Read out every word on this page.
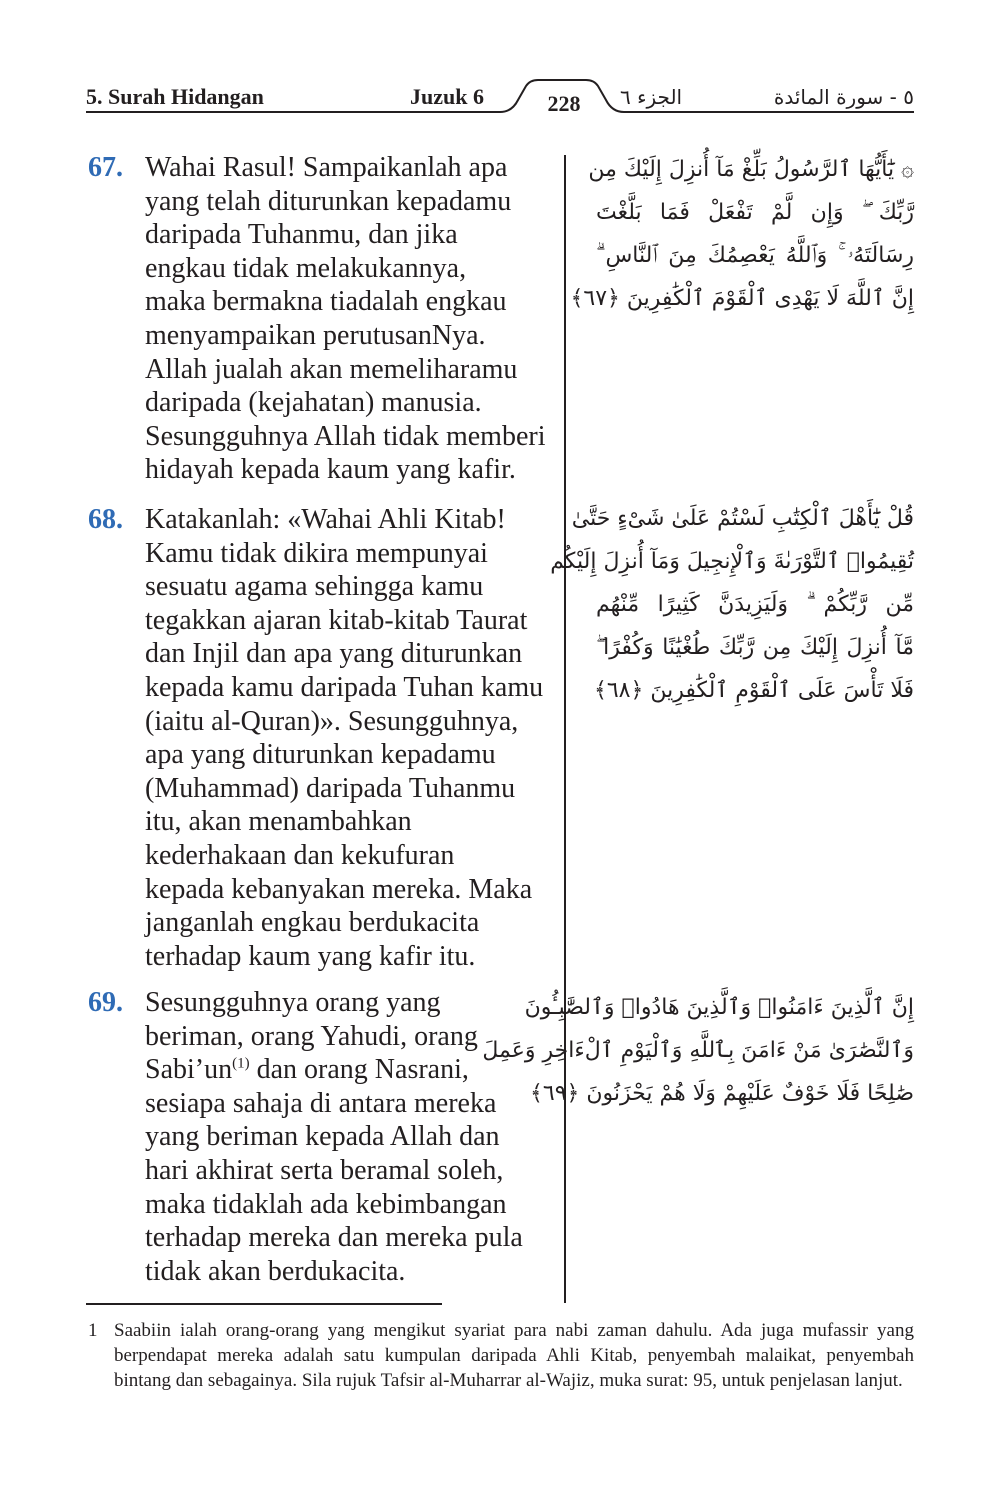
5. Surah Hidangan	Juzuk 6	228	الجزء ٦	٥ - سورة المائدة
67. Wahai Rasul! Sampaikanlah apa
yang telah diturunkan kepadamu
daripada Tuhanmu, dan jika
engkau tidak melakukannya,
maka bermakna tiadalah engkau
menyampaikan perutusanNya.
Allah jualah akan memeliharamu
daripada (kejahatan) manusia.
Sesungguhnya Allah tidak memberi
hidayah kepada kaum yang kafir.
۞ يَٰٓأَيُّهَا ٱلرَّسُولُ بَلِّغْ مَآ أُنزِلَ إِلَيْكَ مِن
رَّبِّكَ ۖ وَإِن لَّمْ تَفْعَلْ فَمَا بَلَّغْتَ
رِسَالَتَهُۥ ۚ وَٱللَّهُ يَعْصِمُكَ مِنَ ٱلنَّاسِ ۗ
إِنَّ ٱللَّهَ لَا يَهْدِى ٱلْقَوْمَ ٱلْكَٰفِرِينَ ﴿٦٧﴾
68. Katakanlah: «Wahai Ahli Kitab!
Kamu tidak dikira mempunyai
sesuatu agama sehingga kamu
tegakkan ajaran kitab-kitab Taurat
dan Injil dan apa yang diturunkan
kepada kamu daripada Tuhan kamu
(iaitu al-Quran)». Sesungguhnya,
apa yang diturunkan kepadamu
(Muhammad) daripada Tuhanmu
itu, akan menambahkan
kederhakaan dan kekufuran
kepada kebanyakan mereka. Maka
janganlah engkau berdukacita
terhadap kaum yang kafir itu.
قُلْ يَٰٓأَهْلَ ٱلْكِتَٰبِ لَسْتُمْ عَلَىٰ شَىْءٍ حَتَّىٰ
تُقِيمُوا۟ ٱلتَّوْرَىٰةَ وَٱلْإِنجِيلَ وَمَآ أُنزِلَ إِلَيْكُم
مِّن رَّبِّكُمْ ۗ وَلَيَزِيدَنَّ كَثِيرًا مِّنْهُم
مَّآ أُنزِلَ إِلَيْكَ مِن رَّبِّكَ طُغْيَٰنًا وَكُفْرًا ۖ
فَلَا تَأْسَ عَلَى ٱلْقَوْمِ ٱلْكَٰفِرِينَ ﴿٦٨﴾
69. Sesungguhnya orang yang
beriman, orang Yahudi, orang
$Sabi’un^{(1)}$ dan orang Nasrani,
sesiapa sahaja di antara mereka
yang beriman kepada Allah dan
hari akhirat serta beramal soleh,
maka tidaklah ada kebimbangan
terhadap mereka dan mereka pula
tidak akan berdukacita.
إِنَّ ٱلَّذِينَ ءَامَنُوا۟ وَٱلَّذِينَ هَادُوا۟ وَٱلصَّٰبِـُٔونَ
وَٱلنَّصَٰرَىٰ مَنْ ءَامَنَ بِٱللَّهِ وَٱلْيَوْمِ ٱلْءَاخِرِ وَعَمِلَ
صَٰلِحًا فَلَا خَوْفٌ عَلَيْهِمْ وَلَا هُمْ يَحْزَنُونَ ﴿٦٩﴾
1 Saabiin ialah orang-orang yang mengikut syariat para nabi zaman dahulu. Ada juga mufassir yang berpendapat mereka adalah satu kumpulan daripada Ahli Kitab, penyembah malaikat, penyembah bintang dan sebagainya. Sila rujuk Tafsir al-Muharrar al-Wajiz, muka surat: 95, untuk penjelasan lanjut.
